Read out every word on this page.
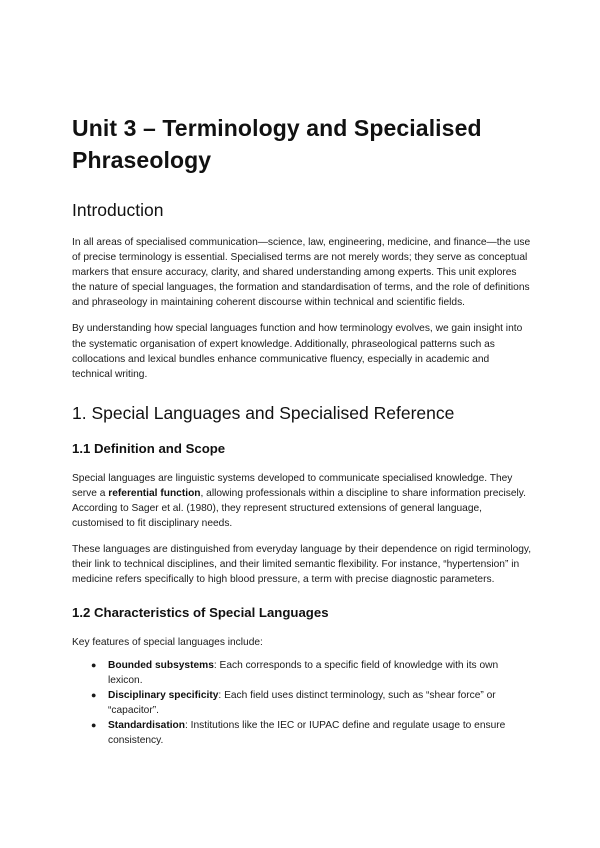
Unit 3 – Terminology and Specialised Phraseology
Introduction

In all areas of specialised communication—science, law, engineering, medicine, and finance—the use of precise terminology is essential. Specialised terms are not merely words; they serve as conceptual markers that ensure accuracy, clarity, and shared understanding among experts. This unit explores the nature of special languages, the formation and standardisation of terms, and the role of definitions and phraseology in maintaining coherent discourse within technical and scientific fields.

By understanding how special languages function and how terminology evolves, we gain insight into the systematic organisation of expert knowledge. Additionally, phraseological patterns such as collocations and lexical bundles enhance communicative fluency, especially in academic and technical writing.

1. Special Languages and Specialised Reference
1.1 Definition and Scope

Special languages are linguistic systems developed to communicate specialised knowledge. They serve a referential function, allowing professionals within a discipline to share information precisely. According to Sager et al. (1980), they represent structured extensions of general language, customised to fit disciplinary needs.

These languages are distinguished from everyday language by their dependence on rigid terminology, their link to technical disciplines, and their limited semantic flexibility. For instance, “hypertension” in medicine refers specifically to high blood pressure, a term with precise diagnostic parameters.

1.2 Characteristics of Special Languages

Key features of special languages include:

● Bounded subsystems: Each corresponds to a specific field of knowledge with its own lexicon.
● Disciplinary specificity: Each field uses distinct terminology, such as “shear force” or “capacitor”.
● Standardisation: Institutions like the IEC or IUPAC define and regulate usage to ensure consistency.
